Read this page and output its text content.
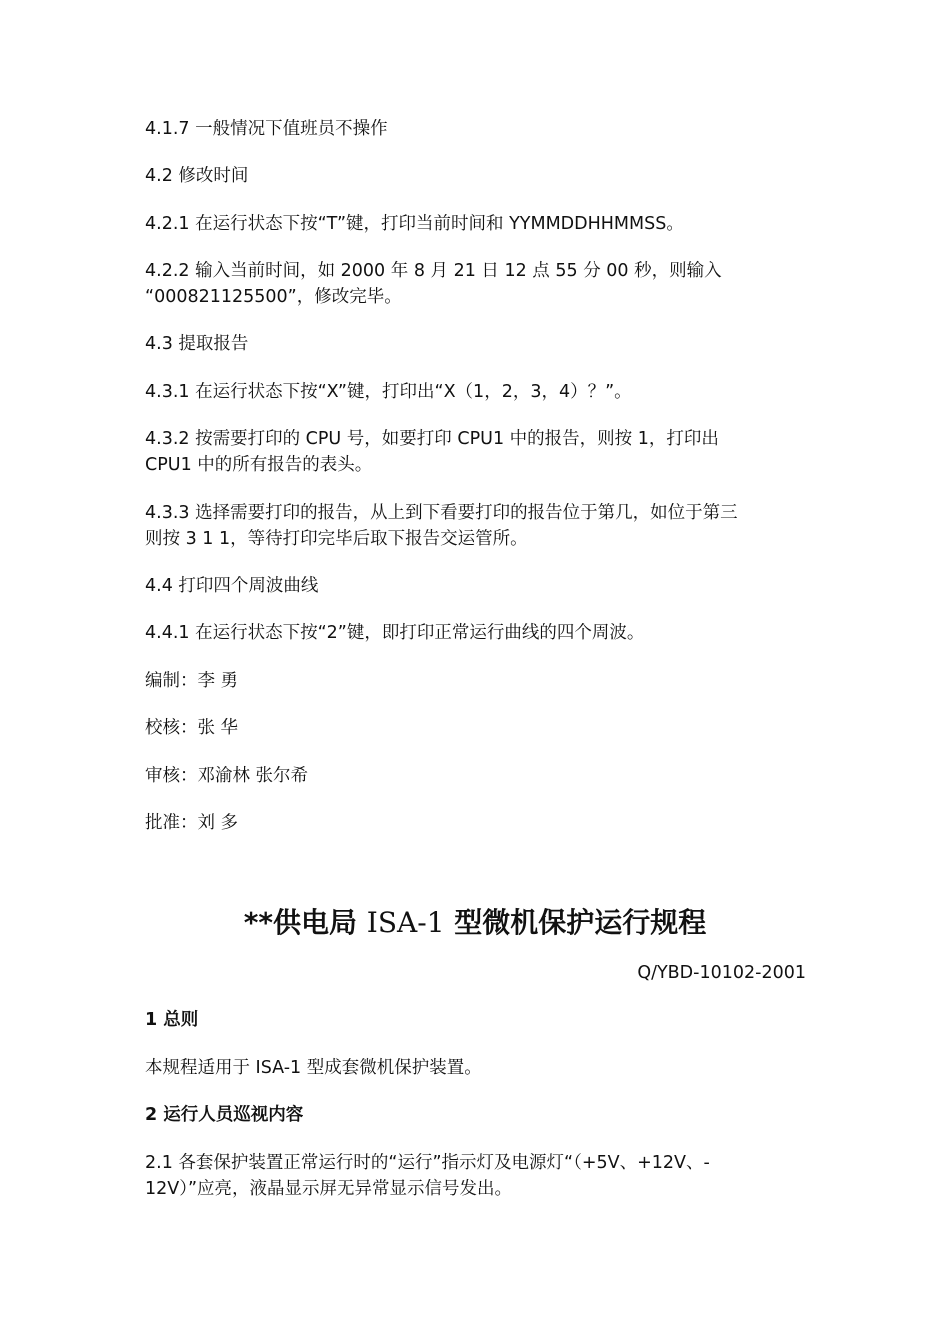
4.1.7 一般情况下值班员不操作

4.2 修改时间

4.2.1 在运行状态下按“T”键，打印当前时间和 YYMMDDHHMMSS。

4.2.2 输入当前时间，如 2000 年 8 月 21 日 12 点 55 分 00 秒，则输入
“000821125500”，修改完毕。

4.3 提取报告

4.3.1 在运行状态下按“X”键，打印出“X（1，2，3，4）？”。

4.3.2 按需要打印的 CPU 号，如要打印 CPU1 中的报告，则按 1，打印出
CPU1 中的所有报告的表头。
4.3.3 选择需要打印的报告，从上到下看要打印的报告位于第几，如位于第三
则按 3 1 1，等待打印完毕后取下报告交运管所。

4.4 打印四个周波曲线

4.4.1 在运行状态下按“2”键，即打印正常运行曲线的四个周波。

编制：李 勇

校核：张 华

审核：邓渝林 张尔希

批准：刘 多

**供电局 ISA-1 型微机保护运行规程
Q/YBD-10102-2001

1 总则

本规程适用于 ISA-1 型成套微机保护装置。

2 运行人员巡视内容

2.1 各套保护装置正常运行时的“运行”指示灯及电源灯“（+5V、+12V、-
12V）”应亮，液晶显示屏无异常显示信号发出。
